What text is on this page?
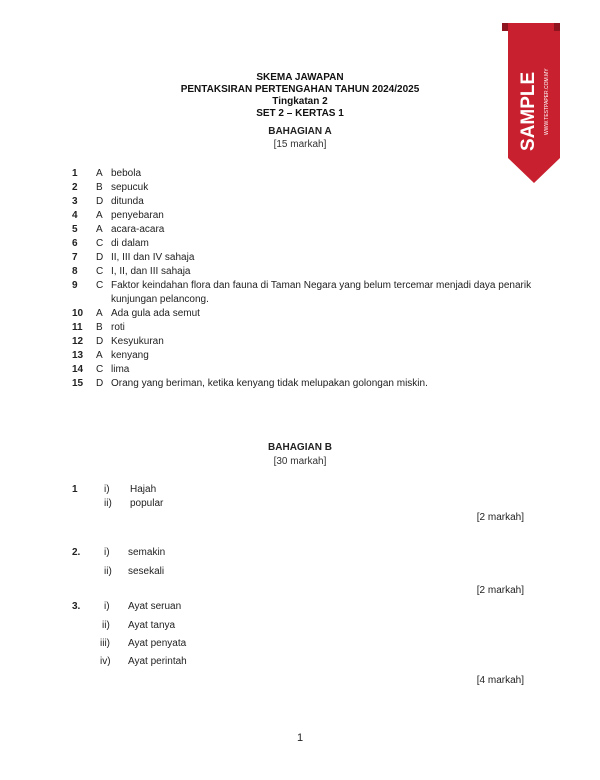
SAMPLE WWW.TESTPAPER.COM.MY
SKEMA JAWAPAN
PENTAKSIRAN PERTENGAHAN TAHUN 2024/2025
Tingkatan 2
SET 2 – KERTAS 1
BAHAGIAN A
[15 markah]
1	A bebola
2	B sepucuk
3	D ditunda
4	A penyebaran
5	A acara-acara
6	C di dalam
7	D II, III dan IV sahaja
8	C I, II, dan III sahaja
9	C Faktor keindahan flora dan fauna di Taman Negara yang belum tercemar menjadi daya penarik kunjungan pelancong.
10	A Ada gula ada semut
11	B roti
12	D Kesyukuran
13	A kenyang
14	C lima
15	D Orang yang beriman, ketika kenyang tidak melupakan golongan miskin.
BAHAGIAN B
[30 markah]
1	i) Hajah
ii) popular
[2 markah]
2. i) semakin
ii) sesekali
[2 markah]
3. i) Ayat seruan
ii) Ayat tanya
iii) Ayat penyata
iv) Ayat perintah
[4 markah]
1
